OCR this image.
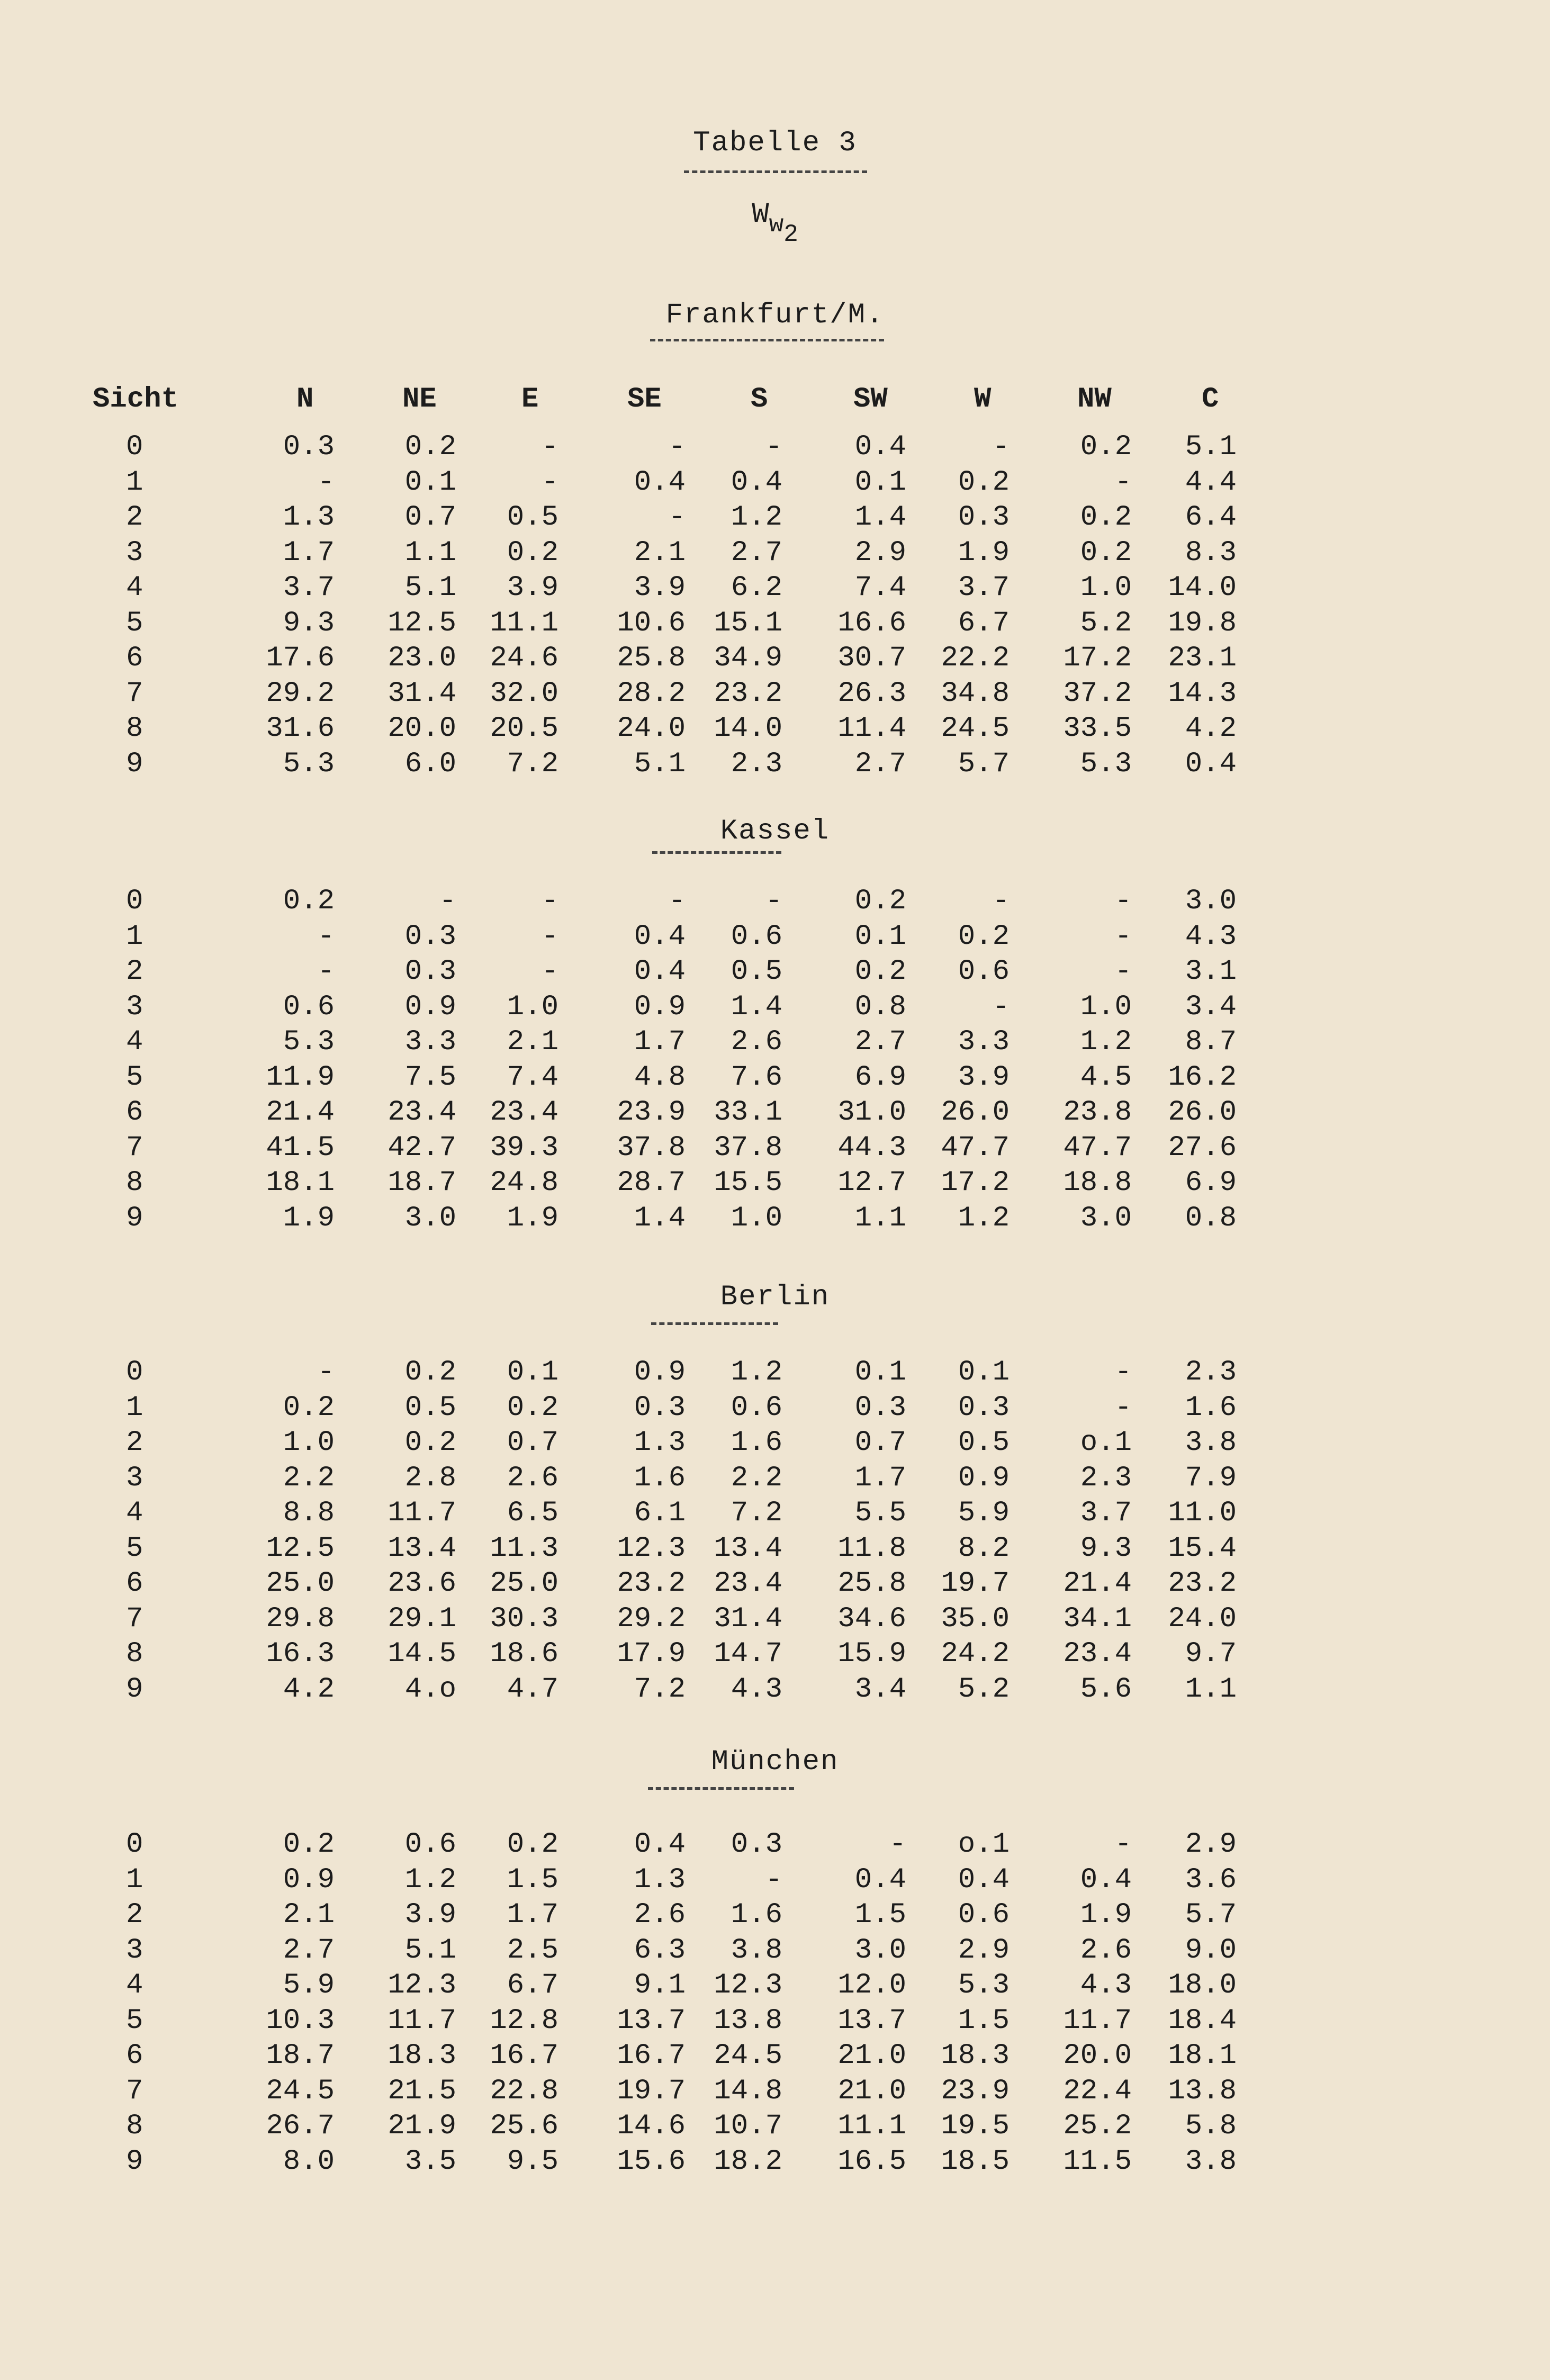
Tabelle 3
$W_{w_2}$
Frankfurt/M.
Sicht	N	NE	E	SE	S	SW	W	NW	C
0	0.3 0.2	-	-	-	0.4	- 0.2 5.1
1	- 0.1	-	0.4 0.4	0.1 0.2	- 4.4
2	1.3 0.7 0.5	- 1.2	1.4 0.3 0.2 6.4
3	1.7 1.1 0.2	2.1 2.7	2.9 1.9 0.2 8.3
4	3.7 5.1 3.9	3.9 6.2	7.4 3.7 1.0 14.0
5	9.3 12.5 11.1 10.6 15.1 16.6 6.7 5.2 19.8
6	17.6 23.0 24.6 25.8 34.9 30.7 22.2 17.2 23.1
7	29.2 31.4 32.0 28.2 23.2 26.3 34.8 37.2 14.3
8	31.6 20.0 20.5 24.0 14.0 11.4 24.5 33.5 4.2
9	5.3 6.0 7.2	5.1 2.3	2.7 5.7 5.3 0.4
Kassel
0	0.2	-	-	-	-	0.2	-	- 3.0
1	- 0.3	-	0.4 0.6	0.1 0.2	- 4.3
2	- 0.3	-	0.4 0.5	0.2 0.6	- 3.1
3	0.6 0.9 1.0	0.9 1.4	0.8	- 1.0 3.4
4	5.3 3.3 2.1	1.7 2.6	2.7 3.3 1.2 8.7
5	11.9 7.5 7.4	4.8 7.6	6.9 3.9 4.5 16.2
6	21.4 23.4 23.4 23.9 33.1 31.0 26.0 23.8 26.0
7	41.5 42.7 39.3 37.8 37.8 44.3 47.7 47.7 27.6
8	18.1 18.7 24.8 28.7 15.5 12.7 17.2 18.8 6.9
9	1.9 3.0 1.9	1.4 1.0	1.1 1.2 3.0 0.8
Berlin
0	- 0.2 0.1	0.9 1.2	0.1 0.1	- 2.3
1	0.2 0.5 0.2	0.3 0.6	0.3 0.3	- 1.6
2	1.0 0.2 0.7	1.3 1.6	0.7 0.5 o.1 3.8
3	2.2 2.8 2.6	1.6 2.2	1.7 0.9 2.3 7.9
4	8.8 11.7 6.5	6.1 7.2	5.5 5.9 3.7 11.0
5	12.5 13.4 11.3 12.3 13.4 11.8 8.2 9.3 15.4
6	25.0 23.6 25.0 23.2 23.4 25.8 19.7 21.4 23.2
7	29.8 29.1 30.3 29.2 31.4 34.6 35.0 34.1 24.0
8	16.3 14.5 18.6 17.9 14.7 15.9 24.2 23.4 9.7
9	4.2 4.o 4.7	7.2 4.3	3.4 5.2 5.6 1.1
München
0	0.2 0.6 0.2	0.4 0.3	- o.1	- 2.9
1	0.9 1.2 1.5	1.3	-	0.4 0.4 0.4 3.6
2	2.1 3.9 1.7	2.6 1.6	1.5 0.6 1.9 5.7
3	2.7 5.1 2.5	6.3 3.8	3.0 2.9 2.6 9.0
4	5.9 12.3 6.7	9.1 12.3 12.0 5.3 4.3 18.0
5	10.3 11.7 12.8 13.7 13.8 13.7 1.5 11.7 18.4
6	18.7 18.3 16.7 16.7 24.5 21.0 18.3 20.0 18.1
7	24.5 21.5 22.8 19.7 14.8 21.0 23.9 22.4 13.8
8	26.7 21.9 25.6 14.6 10.7 11.1 19.5 25.2 5.8
9	8.0 3.5 9.5 15.6 18.2 16.5 18.5 11.5 3.8
